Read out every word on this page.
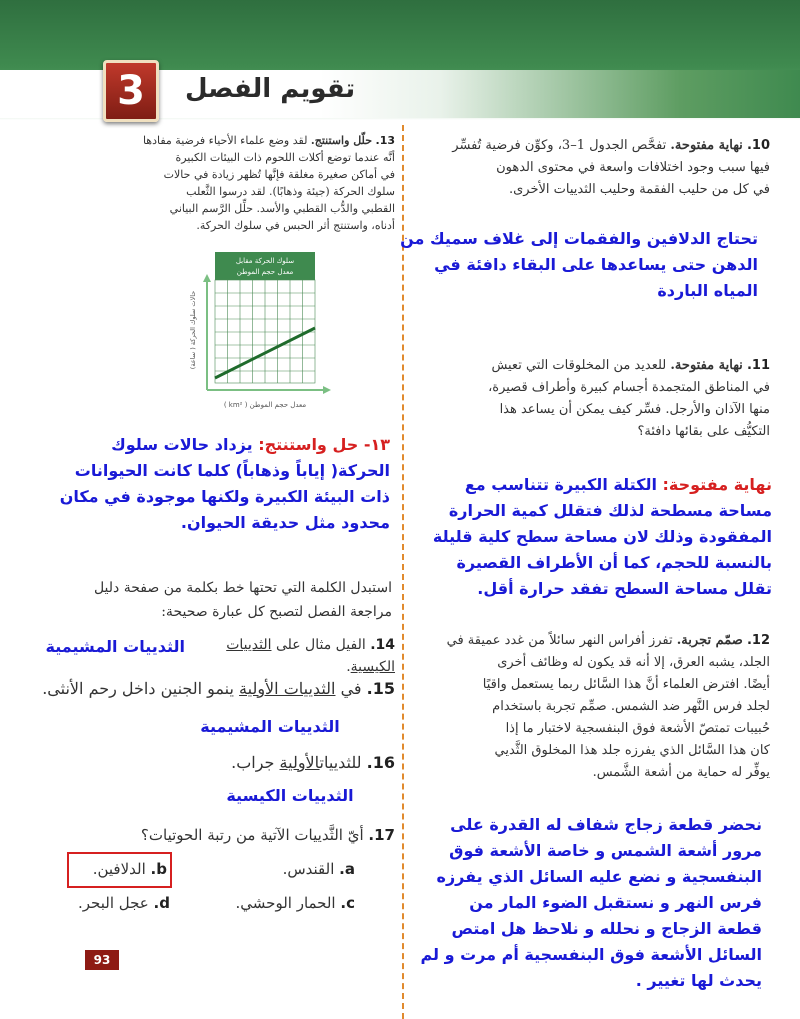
3	تقويم الفصل
10. نهاية مفتوحة. تفحَّص الجدول 1–3، وكوِّن فرضية تُفسِّر
فيها سبب وجود اختلافات واسعة في محتوى الدهون
في كل من حليب الفقمة وحليب الثدييات الأخرى.
تحتاج الدلافين والفقمات إلى غلاف سميك من
الدهن حتى يساعدها على البقاء دافئة في
المياه الباردة
11. نهاية مفتوحة. للعديد من المخلوقات التي تعيش
في المناطق المتجمدة أجسام كبيرة وأطراف قصيرة،
منها الآذان والأرجل. فسِّر كيف يمكن أن يساعد هذا
التكيُّف على بقائها دافئة؟
نهاية مفتوحة: الكتلة الكبيرة تتناسب مع
مساحة مسطحة لذلك فتقلل كمية الحرارة
المفقودة وذلك لان مساحة سطح كلية قليلة
بالنسبة للحجم، كما أن الأطراف القصيرة
تقلل مساحة السطح تفقد حرارة أقل.
12. صمّم تجربة. تفرز أفراس النهر سائلاً من غدد عميقة في
الجلد، يشبه العرق، إلا أنه قد يكون له وظائف أخرى
أيضًا. افترض العلماء أنَّ هذا السَّائل ربما يستعمل واقيًا
لجلد فرس النَّهر ضد الشمس. صمِّم تجربة باستخدام
حُبيبات تمتصّ الأشعة فوق البنفسجية لاختبار ما إذا
كان هذا السَّائل الذي يفرزه جلد هذا المخلوق الثَّديي
يوفِّر له حماية من أشعة الشَّمس.
نحضر قطعة زجاج شفاف له القدرة على
مرور أشعة الشمس و خاصة الأشعة فوق
البنفسجية و نضع عليه السائل الذي يفرزه
فرس النهر و نستقبل الضوء المار من
قطعة الزجاج و نحلله و نلاحظ هل امتص
السائل الأشعة فوق البنفسجية أم مرت و لم
يحدث لها تغيير .
13. حلّل واستنتج. لقد وضع علماء الأحياء فرضية مفادها
أنَّه عندما توضع أكلات اللحوم ذات البيئات الكبيرة
في أماكن صغيرة مغلقة فإنَّها تُظهر زيادة في حالات
سلوك الحركة (جيئة وذهابًا). لقد درسوا الثَّعلب
القطبي والدُّب القطبي والأسد. حلِّل الرَّسم البياني
أدناه، واستنتج أثر الحبس في سلوك الحركة.
سلوك الحركة مقابل
معدل حجم الموطن
حالات سلوك الحركة ( ساعة)
معدل حجم الموطن ( km² )
١٣- حل واستنتج: يزداد حالات سلوك
الحركة( إياباً وذهاباً) كلما كانت الحيوانات
ذات البيئة الكبيرة ولكنها موجودة في مكان
محدود مثل حديقة الحيوان.
استبدل الكلمة التي تحتها خط بكلمة من صفحة دليل
مراجعة الفصل لتصبح كل عبارة صحيحة:
14. الفيل مثال على الثدييات الكيسية.
الثدييات المشيمية
15. في الثدييات الأولية ينمو الجنين داخل رحم الأنثى.
الثدييات المشيمية
16. للثديياتالأولية جراب.
الثدييات الكيسية
17. أيّ الثَّدييات الآتية من رتبة الحوتيات؟
a. القندس.
b. الدلافين.
c. الحمار الوحشي.
d. عجل البحر.
93
